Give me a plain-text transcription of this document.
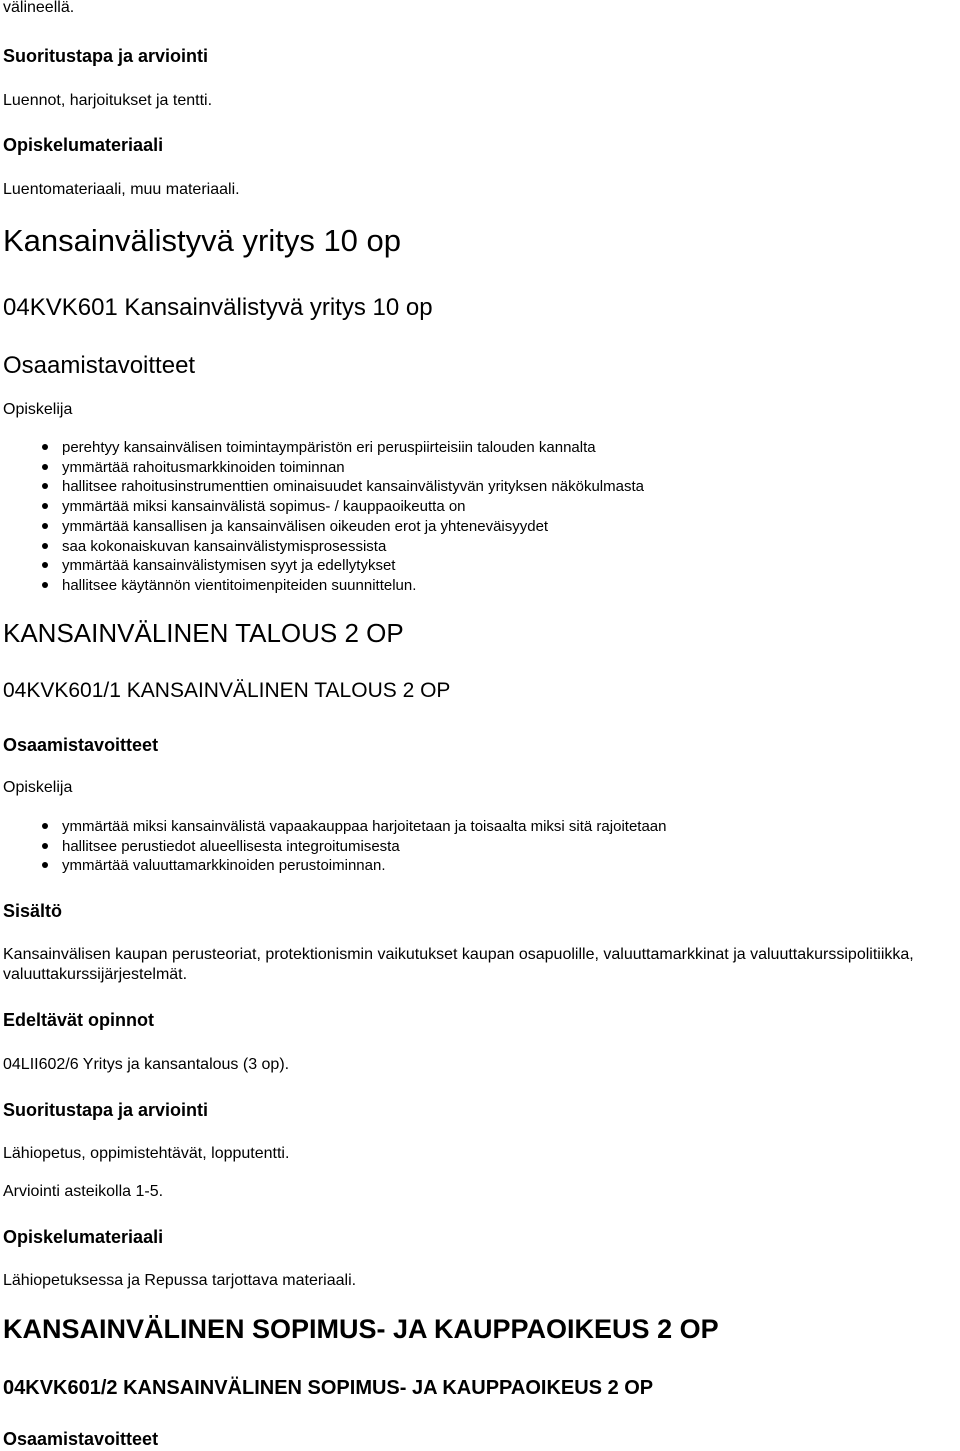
välineellä.
Suoritustapa ja arviointi
Luennot, harjoitukset ja tentti.
Opiskelumateriaali
Luentomateriaali, muu materiaali.
Kansainvälistyvä yritys 10 op
04KVK601 Kansainvälistyvä yritys 10 op
Osaamistavoitteet
Opiskelija
perehtyy kansainvälisen toimintaympäristön eri peruspiirteisiin talouden kannalta
ymmärtää rahoitusmarkkinoiden toiminnan
hallitsee rahoitusinstrumenttien ominaisuudet kansainvälistyvän yrityksen näkökulmasta
ymmärtää miksi kansainvälistä sopimus- / kauppaoikeutta on
ymmärtää kansallisen ja kansainvälisen oikeuden erot ja yhteneväisyydet
saa kokonaiskuvan kansainvälistymisprosessista
ymmärtää kansainvälistymisen syyt ja edellytykset
hallitsee käytännön vientitoimenpiteiden suunnittelun.
KANSAINVÄLINEN TALOUS 2 OP
04KVK601/1 KANSAINVÄLINEN TALOUS 2 OP
Osaamistavoitteet
Opiskelija
ymmärtää miksi kansainvälistä vapaakauppaa harjoitetaan ja toisaalta miksi sitä rajoitetaan
hallitsee perustiedot alueellisesta integroitumisesta
ymmärtää valuuttamarkkinoiden perustoiminnan.
Sisältö
Kansainvälisen kaupan perusteoriat, protektionismin vaikutukset kaupan osapuolille, valuuttamarkkinat ja valuuttakurssipolitiikka, valuuttakurssijärjestelmät.
Edeltävät opinnot
04LII602/6 Yritys ja kansantalous (3 op).
Suoritustapa ja arviointi
Lähiopetus, oppimistehtävät, lopputentti.
Arviointi asteikolla 1-5.
Opiskelumateriaali
Lähiopetuksessa ja Repussa tarjottava materiaali.
KANSAINVÄLINEN SOPIMUS- JA KAUPPAOIKEUS 2 OP
04KVK601/2 KANSAINVÄLINEN SOPIMUS- JA KAUPPAOIKEUS 2 OP
Osaamistavoitteet
